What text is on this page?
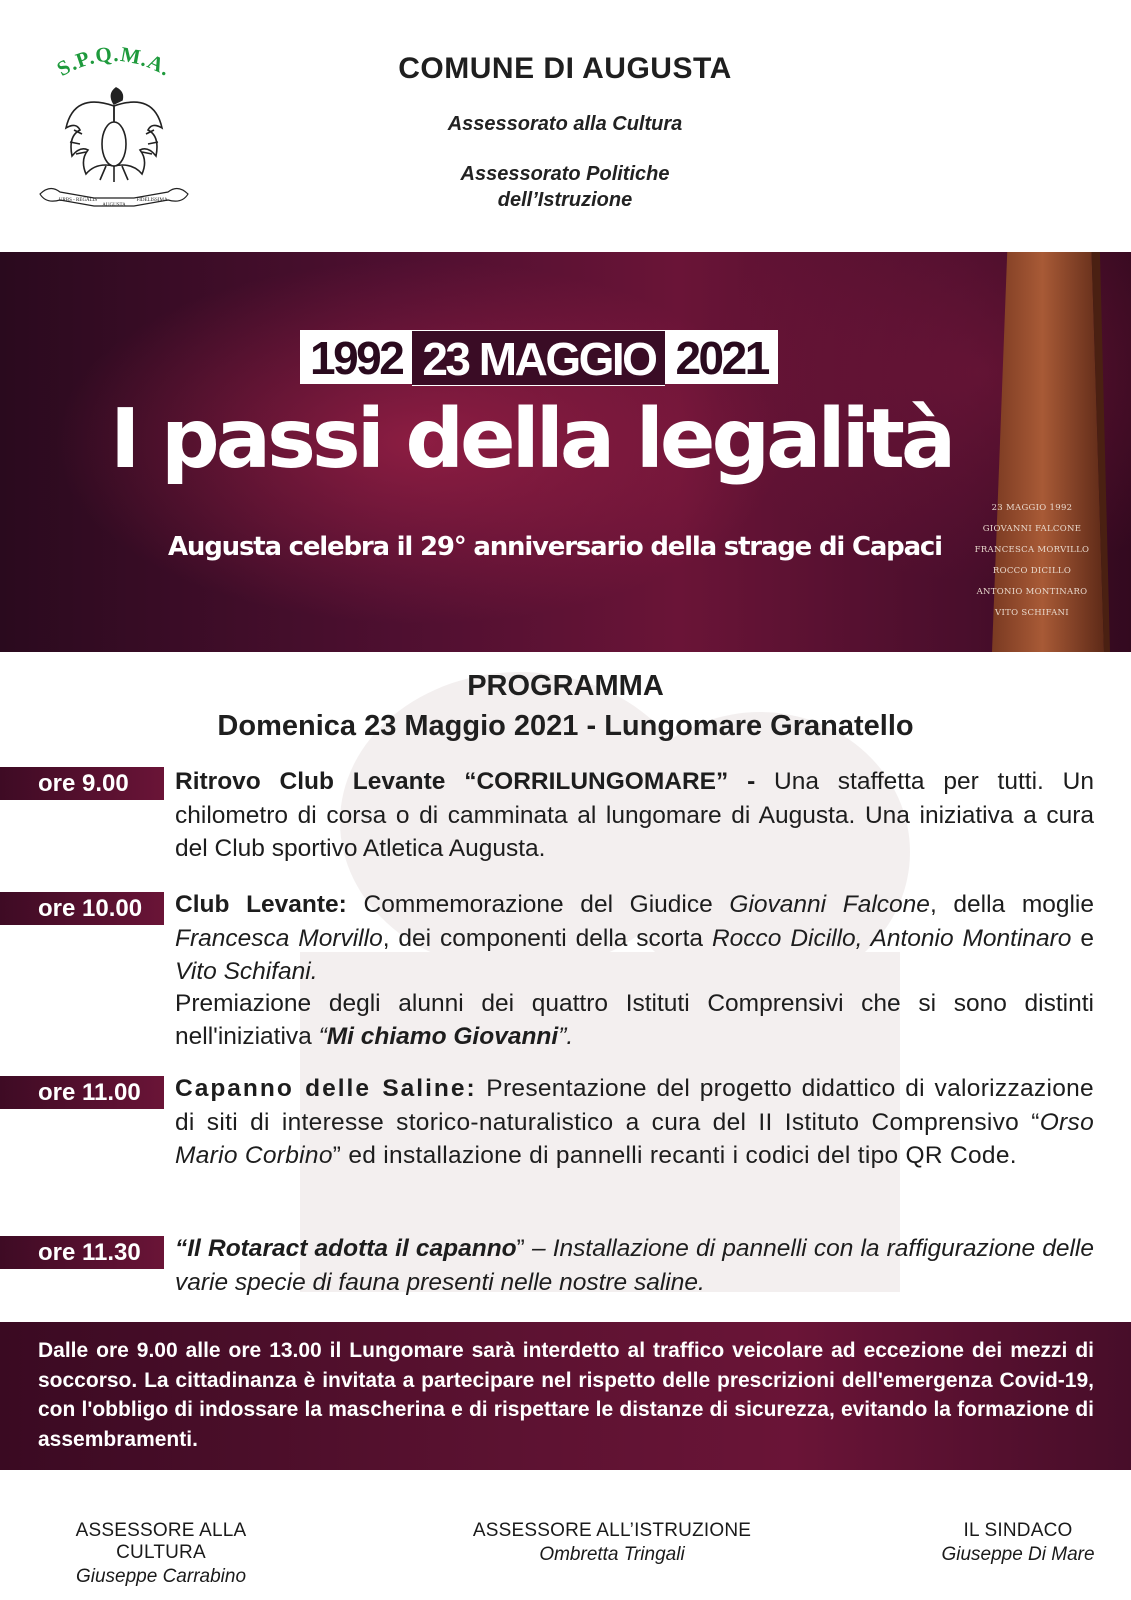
S.P.Q.M.A.
URBS - REGALIS
AUGUSTA
FIDELISSIMA
COMUNE DI AUGUSTA
Assessorato alla Cultura
Assessorato Politiche
dell’Istruzione
1992 23 MAGGIO 2021
I passi della legalità
Augusta celebra il 29° anniversario della strage di Capaci
23 MAGGIO 1992
GIOVANNI FALCONE
FRANCESCA MORVILLO
ROCCO DICILLO
ANTONIO MONTINARO
VITO SCHIFANI
PROGRAMMA
Domenica 23 Maggio 2021 - Lungomare Granatello
ore 9.00	Ritrovo Club Levante “CORRILUNGOMARE” - Una staffetta per tutti. Un chilometro di corsa o di camminata al lungomare di Augusta. Una iniziativa a cura del Club sportivo Atletica Augusta.
ore 10.00	Club Levante: Commemorazione del Giudice Giovanni Falcone, della moglie Francesca Morvillo, dei componenti della scorta Rocco Dicillo, Antonio Montinaro e Vito Schifani.
Premiazione degli alunni dei quattro Istituti Comprensivi che si sono distinti nell'iniziativa “Mi chiamo Giovanni”.
ore 11.00	Capanno delle Saline: Presentazione del progetto didattico di valorizzazione di siti di interesse storico-naturalistico a cura del II Istituto Comprensivo “Orso Mario Corbino” ed installazione di pannelli recanti i codici del tipo QR Code.
ore 11.30	“Il Rotaract adotta il capanno” – Installazione di pannelli con la raffigurazione delle varie specie di fauna presenti nelle nostre saline.
Dalle ore 9.00 alle ore 13.00 il Lungomare sarà interdetto al traffico veicolare ad eccezione dei mezzi di soccorso. La cittadinanza è invitata a partecipare nel rispetto delle prescrizioni dell'emergenza Covid-19, con l'obbligo di indossare la mascherina e di rispettare le distanze di sicurezza, evitando la formazione di assembramenti.
ASSESSORE ALLA CULTURA
Giuseppe Carrabino
ASSESSORE ALL’ISTRUZIONE
Ombretta Tringali
IL SINDACO
Giuseppe Di Mare
